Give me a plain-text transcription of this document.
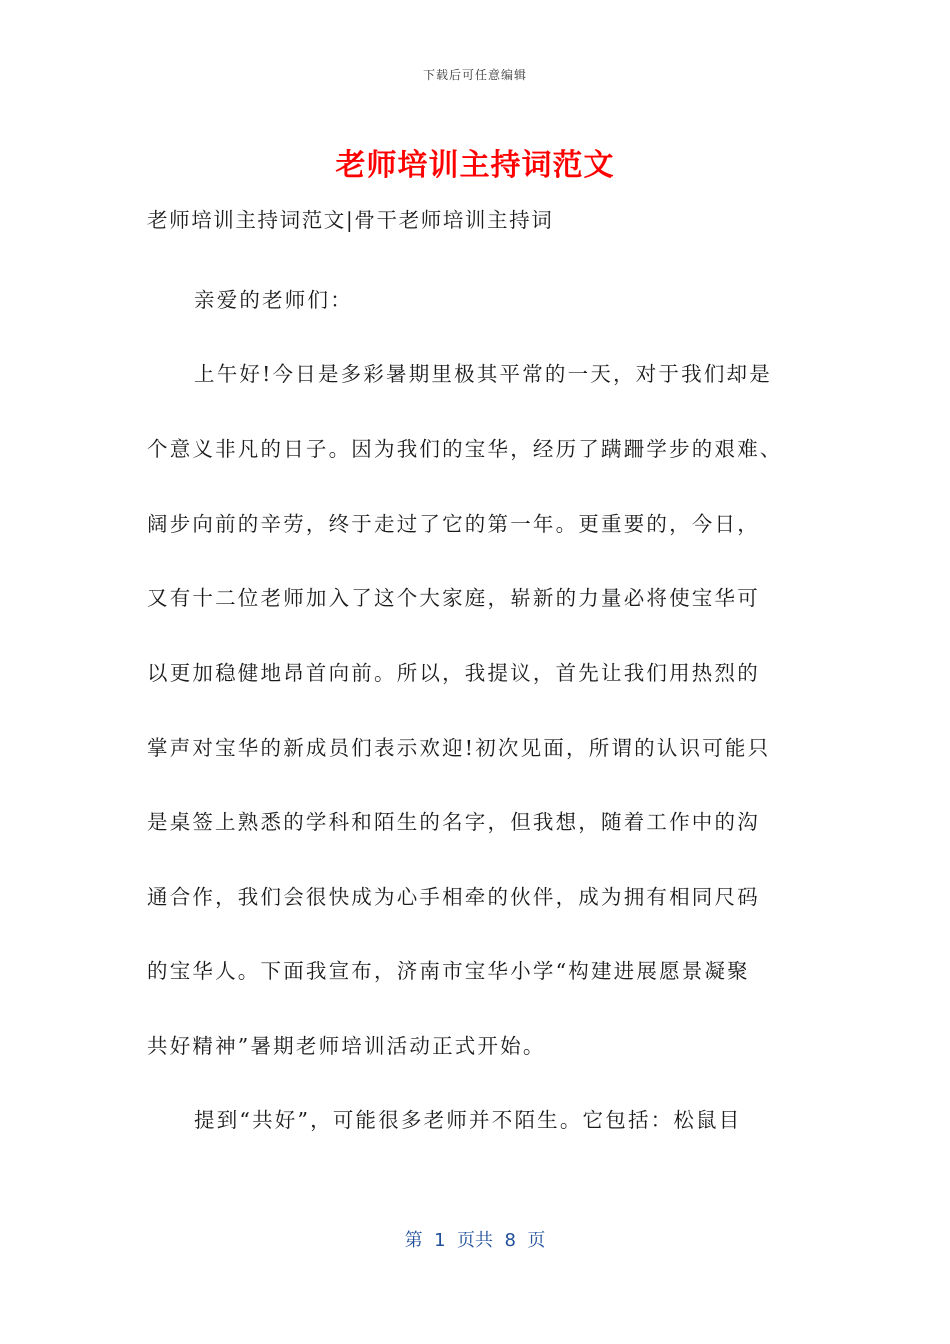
下载后可任意编辑
老师培训主持词范文
老师培训主持词范文|骨干老师培训主持词
亲爱的老师们：
上午好!今日是多彩暑期里极其平常的一天，对于我们却是
个意义非凡的日子。因为我们的宝华，经历了蹒跚学步的艰难、
阔步向前的辛劳，终于走过了它的第一年。更重要的，今日，
又有十二位老师加入了这个大家庭，崭新的力量必将使宝华可
以更加稳健地昂首向前。所以，我提议，首先让我们用热烈的
掌声对宝华的新成员们表示欢迎!初次见面，所谓的认识可能只
是桌签上熟悉的学科和陌生的名字，但我想，随着工作中的沟
通合作，我们会很快成为心手相牵的伙伴，成为拥有相同尺码
的宝华人。下面我宣布，济南市宝华小学“构建进展愿景凝聚
共好精神”暑期老师培训活动正式开始。
提到“共好”，可能很多老师并不陌生。它包括：松鼠目
第  1  页共  8  页
